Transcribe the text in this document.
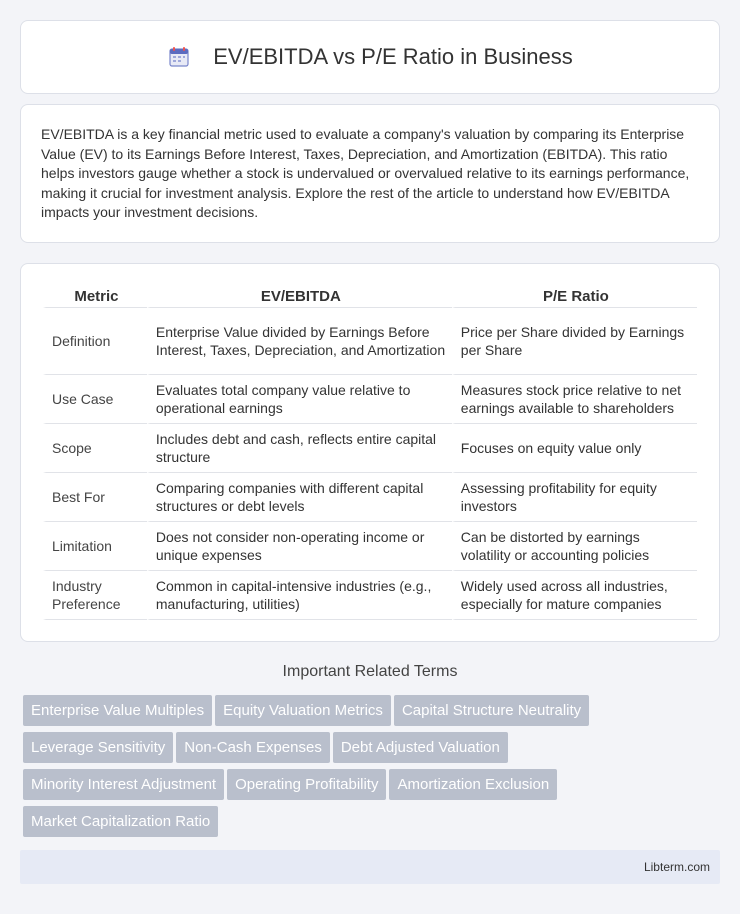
EV/EBITDA vs P/E Ratio in Business

EV/EBITDA is a key financial metric used to evaluate a company's valuation by comparing its Enterprise Value (EV) to its Earnings Before Interest, Taxes, Depreciation, and Amortization (EBITDA). This ratio helps investors gauge whether a stock is undervalued or overvalued relative to its earnings performance, making it crucial for investment analysis. Explore the rest of the article to understand how EV/EBITDA impacts your investment decisions.

Metric	EV/EBITDA	P/E Ratio
Definition	Enterprise Value divided by Earnings Before Interest, Taxes, Depreciation, and Amortization	Price per Share divided by Earnings per Share
Use Case	Evaluates total company value relative to operational earnings	Measures stock price relative to net earnings available to shareholders
Scope	Includes debt and cash, reflects entire capital structure	Focuses on equity value only
Best For	Comparing companies with different capital structures or debt levels	Assessing profitability for equity investors
Limitation	Does not consider non-operating income or unique expenses	Can be distorted by earnings volatility or accounting policies
Industry Preference	Common in capital-intensive industries (e.g., manufacturing, utilities)	Widely used across all industries, especially for mature companies
Important Related Terms
Enterprise Value Multiples Equity Valuation Metrics Capital Structure Neutrality
Leverage Sensitivity Non-Cash Expenses Debt Adjusted Valuation
Minority Interest Adjustment Operating Profitability Amortization Exclusion
Market Capitalization Ratio
Libterm.com
